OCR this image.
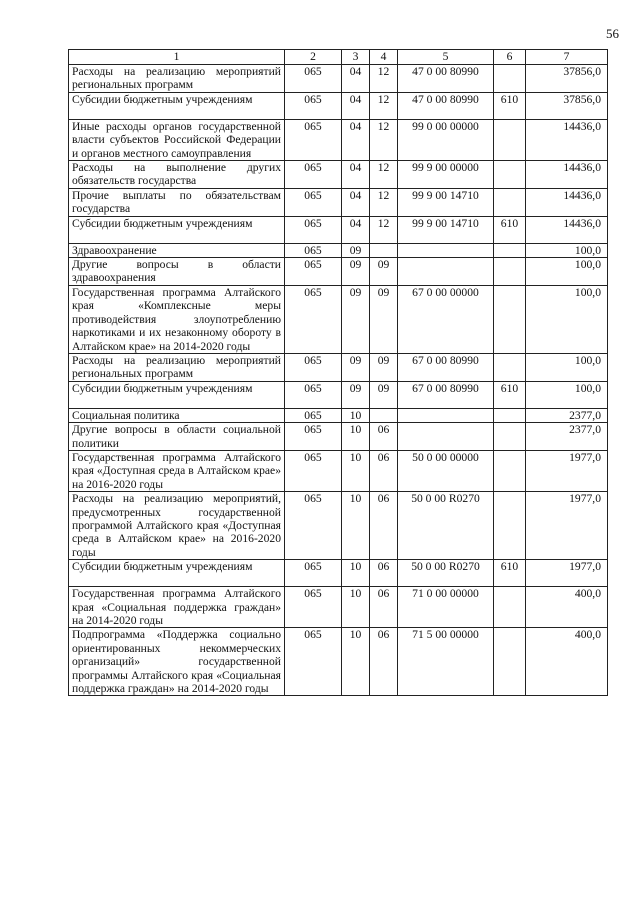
56
1	2	3	4	5	6	7
Расходы на реализацию мероприятий региональных программ	065	04	12	47 0 00 80990		37856,0
Субсидии бюджетным учреждениям	065	04	12	47 0 00 80990	610	37856,0
Иные расходы органов государственной власти субъектов Российской Федерации и органов местного самоуправления	065	04	12	99 0 00 00000		14436,0
Расходы на выполнение других обязательств государства	065	04	12	99 9 00 00000		14436,0
Прочие выплаты по обязательствам государства	065	04	12	99 9 00 14710		14436,0
Субсидии бюджетным учреждениям	065	04	12	99 9 00 14710	610	14436,0
Здравоохранение	065	09				100,0
Другие вопросы в области здравоохранения	065	09	09			100,0
Государственная программа Алтайского края «Комплексные меры противодействия злоупотреблению наркотиками и их незаконному обороту в Алтайском крае» на 2014-2020 годы	065	09	09	67 0 00 00000		100,0
Расходы на реализацию мероприятий региональных программ	065	09	09	67 0 00 80990		100,0
Субсидии бюджетным учреждениям	065	09	09	67 0 00 80990	610	100,0
Социальная политика	065	10				2377,0
Другие вопросы в области социальной политики	065	10	06			2377,0
Государственная программа Алтайского края «Доступная среда в Алтайском крае» на 2016-2020 годы	065	10	06	50 0 00 00000		1977,0
Расходы на реализацию мероприятий, предусмотренных государственной программой Алтайского края «Доступная среда в Алтайском крае» на 2016-2020 годы	065	10	06	50 0 00 R0270		1977,0
Субсидии бюджетным учреждениям	065	10	06	50 0 00 R0270	610	1977,0
Государственная программа Алтайского края «Социальная поддержка граждан» на 2014-2020 годы	065	10	06	71 0 00 00000		400,0
Подпрограмма «Поддержка социально ориентированных некоммерческих организаций» государственной программы Алтайского края «Социальная поддержка граждан» на 2014-2020 годы	065	10	06	71 5 00 00000		400,0
